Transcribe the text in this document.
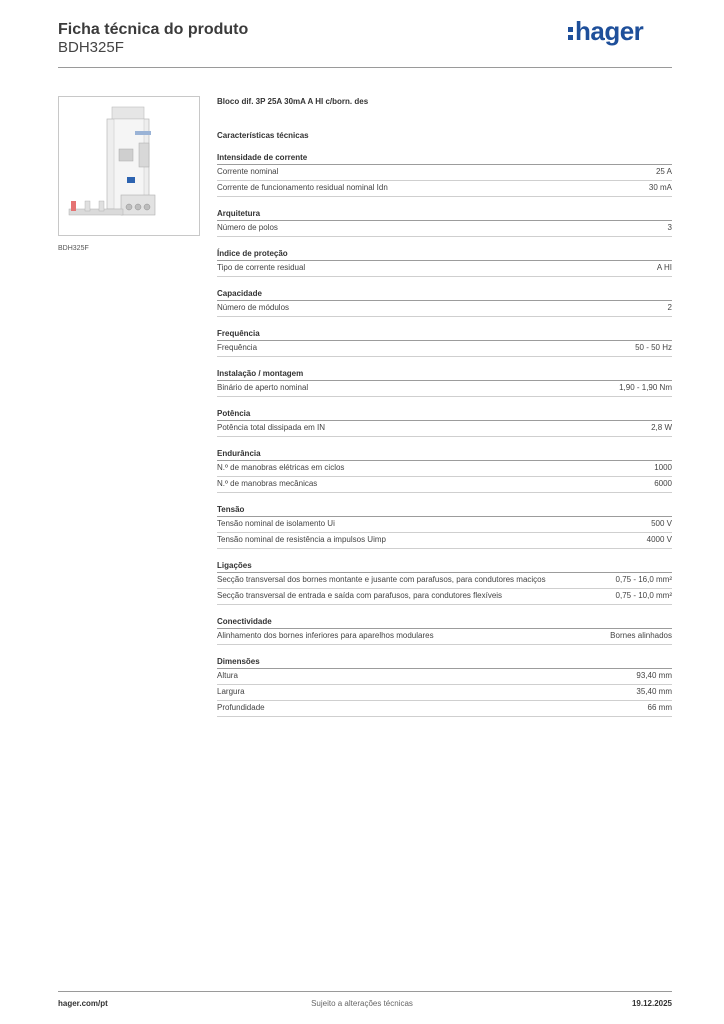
Ficha técnica do produto
BDH325F
hager
BDH325F
Bloco dif. 3P 25A 30mA A HI c/born. des
Características técnicas
Intensidade de corrente
Corrente nominal	25 A
Corrente de funcionamento residual nominal Idn	30 mA
Arquitetura
Número de polos	3
Índice de proteção
Tipo de corrente residual	A HI
Capacidade
Número de módulos	2
Frequência
Frequência	50 - 50 Hz
Instalação / montagem
Binário de aperto nominal	1,90 - 1,90 Nm
Potência
Potência total dissipada em IN	2,8 W
Endurância
N.º de manobras elétricas em ciclos	1000
N.º de manobras mecânicas	6000
Tensão
Tensão nominal de isolamento Ui	500 V
Tensão nominal de resistência a impulsos Uimp	4000 V
Ligações
Secção transversal dos bornes montante e jusante com parafusos, para condutores maciços	0,75 - 16,0 mm²
Secção transversal de entrada e saída com parafusos, para condutores flexíveis	0,75 - 10,0 mm²
Conectividade
Alinhamento dos bornes inferiores para aparelhos modulares	Bornes alinhados
Dimensões
Altura	93,40 mm
Largura	35,40 mm
Profundidade	66 mm
hager.com/pt	Sujeito a alterações técnicas	19.12.2025
